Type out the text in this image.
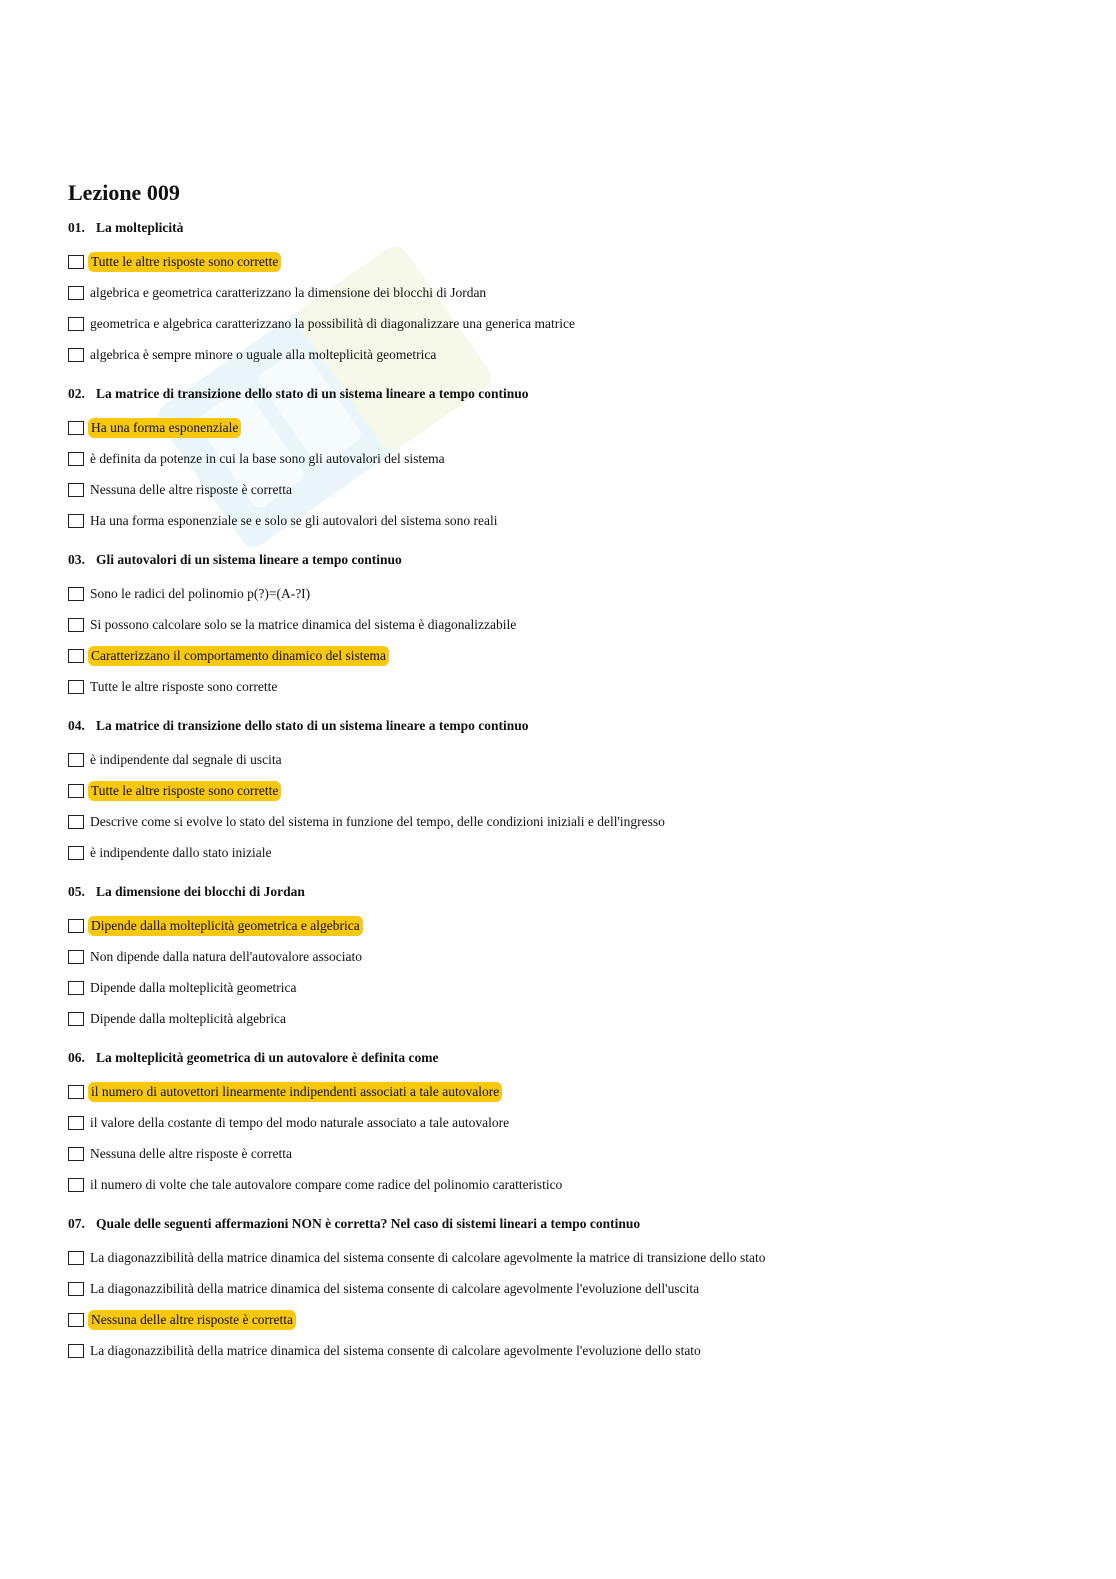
Lezione 009
01. La molteplicità
Tutte le altre risposte sono corrette
algebrica e geometrica caratterizzano la dimensione dei blocchi di Jordan
geometrica e algebrica caratterizzano la possibilità di diagonalizzare una generica matrice
algebrica è sempre minore o uguale alla molteplicità geometrica
02. La matrice di transizione dello stato di un sistema lineare a tempo continuo
Ha una forma esponenziale
è definita da potenze in cui la base sono gli autovalori del sistema
Nessuna delle altre risposte è corretta
Ha una forma esponenziale se e solo se gli autovalori del sistema sono reali
03. Gli autovalori di un sistema lineare a tempo continuo
Sono le radici del polinomio p(?)=(A-?I)
Si possono calcolare solo se la matrice dinamica del sistema è diagonalizzabile
Caratterizzano il comportamento dinamico del sistema
Tutte le altre risposte sono corrette
04. La matrice di transizione dello stato di un sistema lineare a tempo continuo
è indipendente dal segnale di uscita
Tutte le altre risposte sono corrette
Descrive come si evolve lo stato del sistema in funzione del tempo, delle condizioni iniziali e dell'ingresso
è indipendente dallo stato iniziale
05. La dimensione dei blocchi di Jordan
Dipende dalla molteplicità geometrica e algebrica
Non dipende dalla natura dell'autovalore associato
Dipende dalla molteplicità geometrica
Dipende dalla molteplicità algebrica
06. La molteplicità geometrica di un autovalore è definita come
il numero di autovettori linearmente indipendenti associati a tale autovalore
il valore della costante di tempo del modo naturale associato a tale autovalore
Nessuna delle altre risposte è corretta
il numero di volte che tale autovalore compare come radice del polinomio caratteristico
07. Quale delle seguenti affermazioni NON è corretta? Nel caso di sistemi lineari a tempo continuo
La diagonazzibilità della matrice dinamica del sistema consente di calcolare agevolmente la matrice di transizione dello stato
La diagonazzibilità della matrice dinamica del sistema consente di calcolare agevolmente l'evoluzione dell'uscita
Nessuna delle altre risposte è corretta
La diagonazzibilità della matrice dinamica del sistema consente di calcolare agevolmente l'evoluzione dello stato
